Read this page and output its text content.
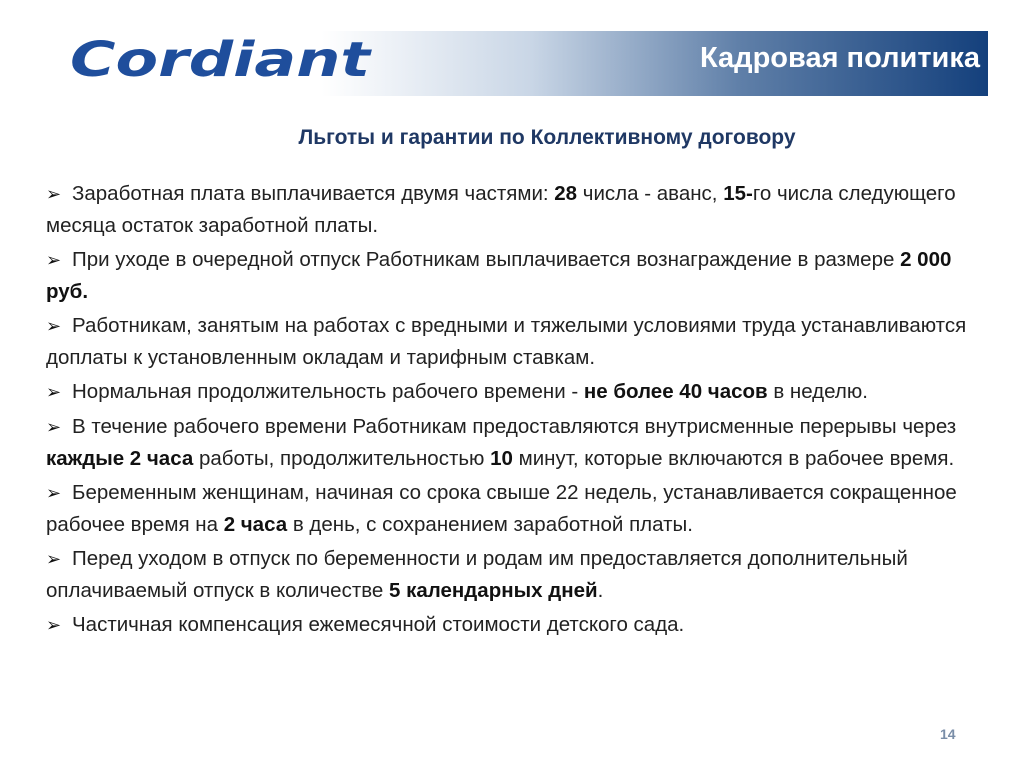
Cordiant	Кадровая политика
Льготы и гарантии по Коллективному договору
➢ Заработная плата выплачивается двумя частями: 28 числа - аванс, 15-го числа следующего месяца остаток заработной платы.
➢ При уходе в очередной отпуск Работникам выплачивается вознаграждение в размере 2 000 руб.
➢ Работникам, занятым на работах с вредными и тяжелыми условиями труда устанавливаются доплаты к установленным окладам и тарифным ставкам.
➢ Нормальная продолжительность рабочего времени - не более 40 часов в неделю.
➢ В течение рабочего времени Работникам предоставляются внутрисменные перерывы через каждые 2 часа работы, продолжительностью 10 минут, которые включаются в рабочее время.
➢ Беременным женщинам, начиная со срока свыше 22 недель, устанавливается сокращенное рабочее время на 2 часа в день, с сохранением заработной платы.
➢ Перед уходом в отпуск по беременности и родам им предоставляется дополнительный оплачиваемый отпуск в количестве 5 календарных дней.
➢ Частичная компенсация ежемесячной стоимости детского сада.
14
